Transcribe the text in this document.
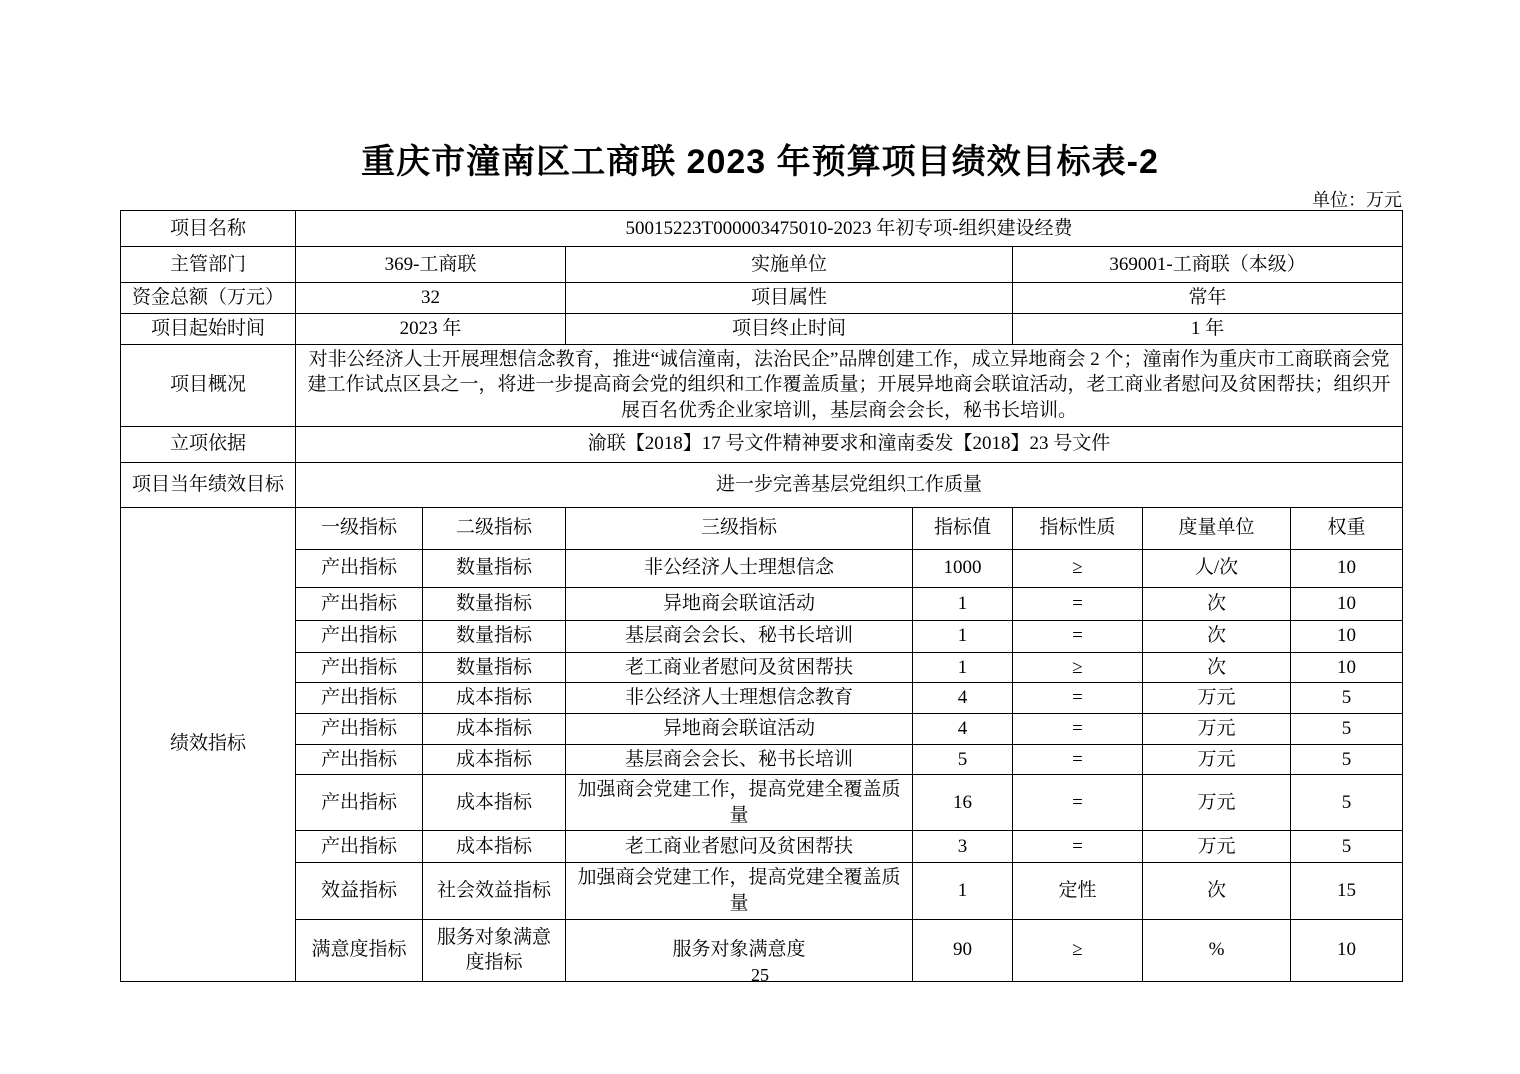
重庆市潼南区工商联 2023 年预算项目绩效目标表-2
单位：万元
项目名称	50015223T000003475010-2023 年初专项-组织建设经费						
主管部门	369-工商联		实施单位		369001-工商联（本级）		
资金总额（万元）	32		项目属性		常年		
项目起始时间	2023 年		项目终止时间		1 年		
项目概况	对非公经济人士开展理想信念教育，推进“诚信潼南，法治民企”品牌创建工作，成立异地商会 2 个；潼南作为重庆市工商联商会党建工作试点区县之一，将进一步提高商会党的组织和工作覆盖质量；开展异地商会联谊活动，老工商业者慰问及贫困帮扶；组织开展百名优秀企业家培训，基层商会会长，秘书长培训。						
立项依据	渝联【2018】17 号文件精神要求和潼南委发【2018】23 号文件						
项目当年绩效目标	进一步完善基层党组织工作质量						
绩效指标	一级指标	二级指标	三级指标	指标值	指标性质	度量单位	权重
	产出指标	数量指标	非公经济人士理想信念	1000	≥	人/次	10
	产出指标	数量指标	异地商会联谊活动	1	=	次	10
	产出指标	数量指标	基层商会会长、秘书长培训	1	=	次	10
	产出指标	数量指标	老工商业者慰问及贫困帮扶	1	≥	次	10
	产出指标	成本指标	非公经济人士理想信念教育	4	=	万元	5
	产出指标	成本指标	异地商会联谊活动	4	=	万元	5
	产出指标	成本指标	基层商会会长、秘书长培训	5	=	万元	5
	产出指标	成本指标	加强商会党建工作，提高党建全覆盖质量	16	=	万元	5
	产出指标	成本指标	老工商业者慰问及贫困帮扶	3	=	万元	5
	效益指标	社会效益指标	加强商会党建工作，提高党建全覆盖质量	1	定性	次	15
	满意度指标	服务对象满意度指标	服务对象满意度	90	≥	%	10
25
